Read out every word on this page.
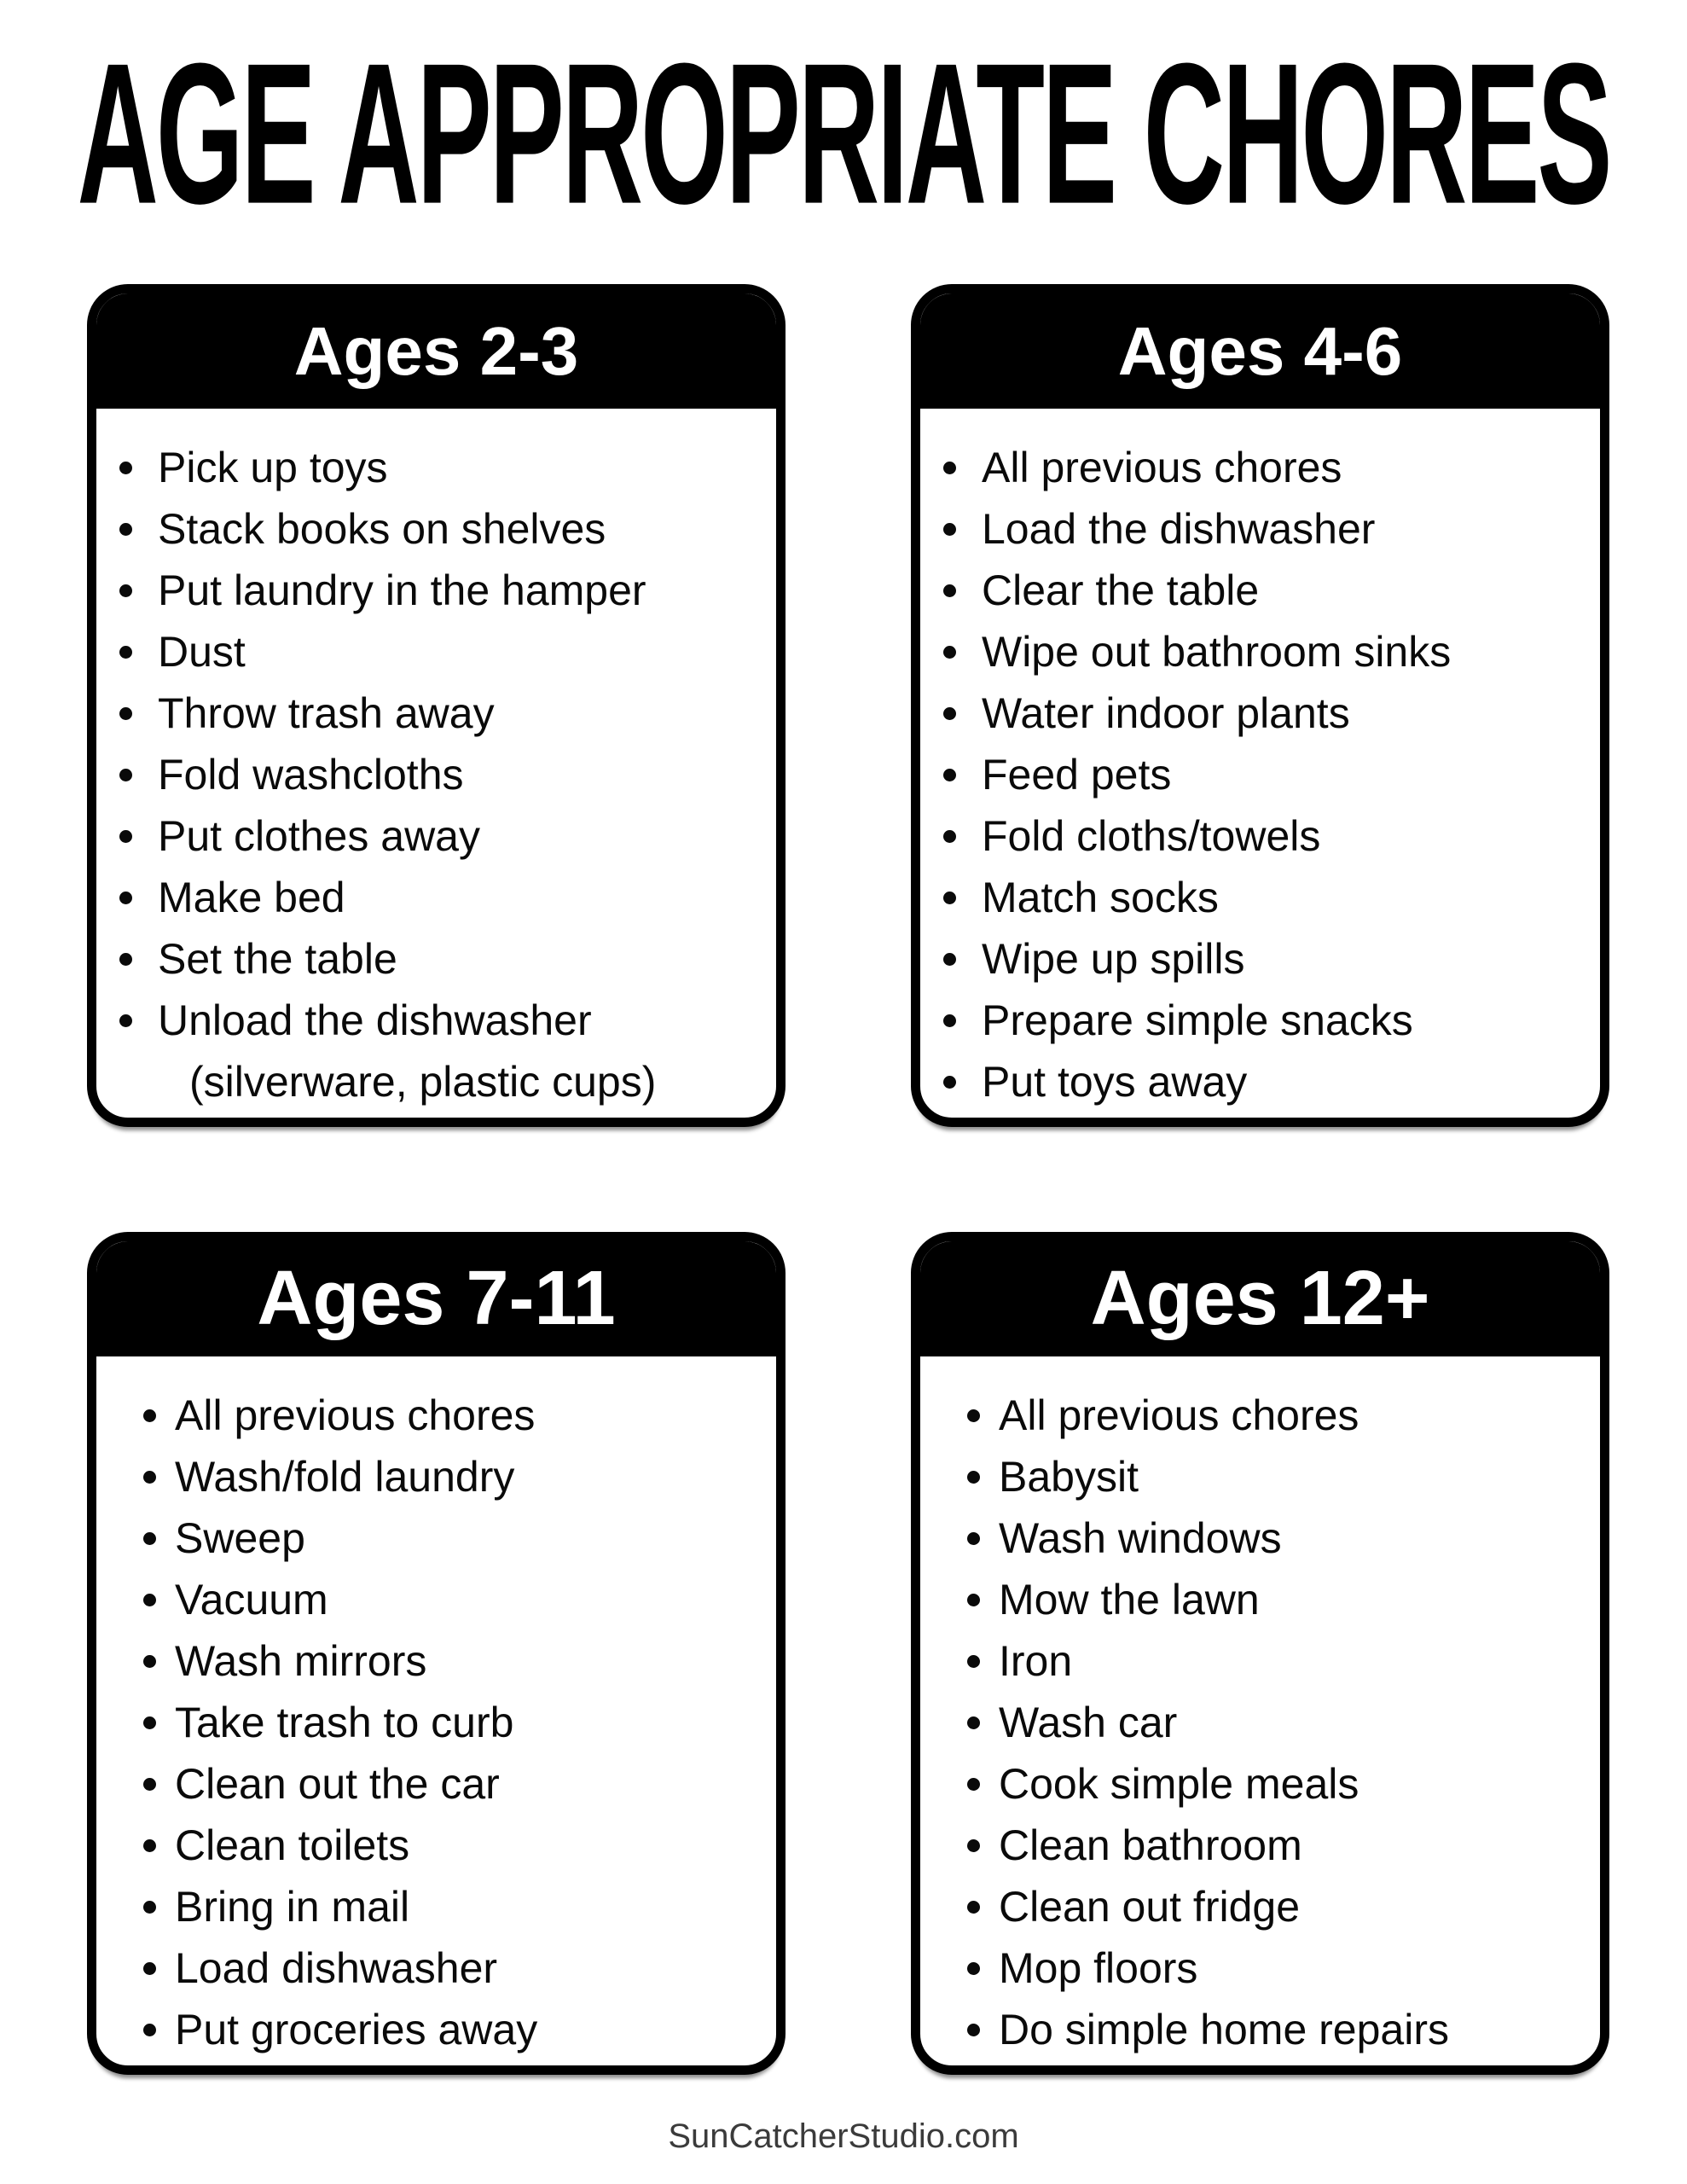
AGE APPROPRIATE CHORES
Ages 2-3
Pick up toys
Stack books on shelves
Put laundry in the hamper
Dust
Throw trash away
Fold washcloths
Put clothes away
Make bed
Set the table
Unload the dishwasher
(silverware, plastic cups)
Ages 4-6
All previous chores
Load the dishwasher
Clear the table
Wipe out bathroom sinks
Water indoor plants
Feed pets
Fold cloths/towels
Match socks
Wipe up spills
Prepare simple snacks
Put toys away
Ages 7-11
All previous chores
Wash/fold laundry
Sweep
Vacuum
Wash mirrors
Take trash to curb
Clean out the car
Clean toilets
Bring in mail
Load dishwasher
Put groceries away
Ages 12+
All previous chores
Babysit
Wash windows
Mow the lawn
Iron
Wash car
Cook simple meals
Clean bathroom
Clean out fridge
Mop floors
Do simple home repairs
SunCatcherStudio.com
